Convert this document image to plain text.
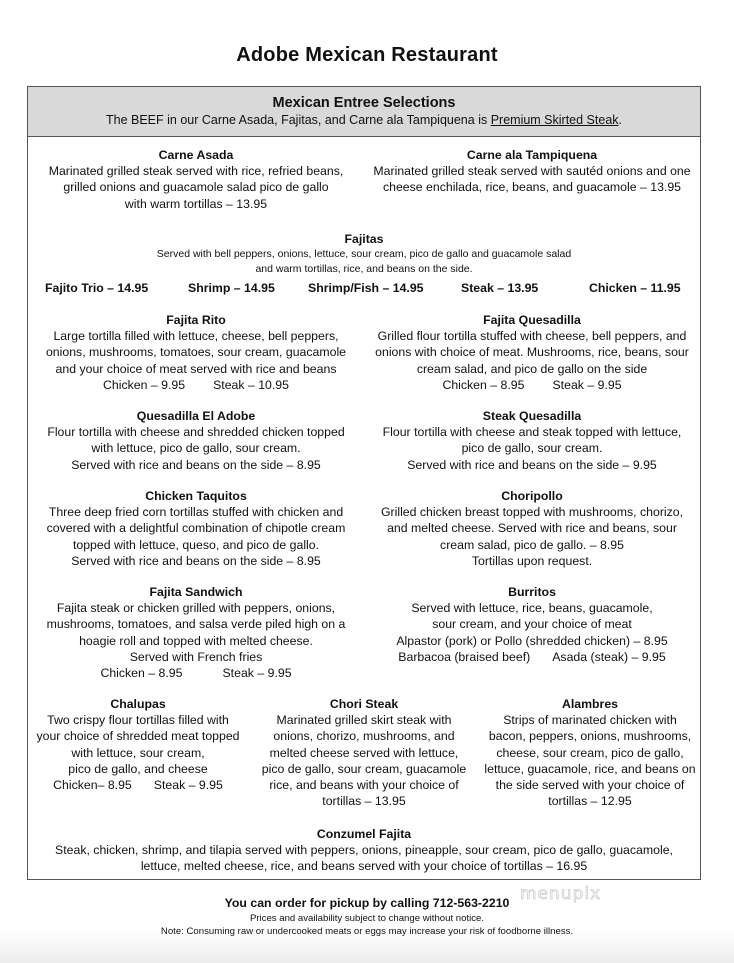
Adobe Mexican Restaurant
Mexican Entree Selections
The BEEF in our Carne Asada, Fajitas, and Carne ala Tampiquena is Premium Skirted Steak.
Carne Asada
Marinated grilled steak served with rice, refried beans,
grilled onions and guacamole salad pico de gallo
with warm tortillas – 13.95
Carne ala Tampiquena
Marinated grilled steak served with sautéd onions and one
cheese enchilada, rice, beans, and guacamole – 13.95
Fajitas
Served with bell peppers, onions, lettuce, sour cream, pico de gallo and guacamole salad
and warm tortillas, rice, and beans on the side.
Fajito Trio – 14.95	Shrimp – 14.95	Shrimp/Fish – 14.95	Steak – 13.95	Chicken – 11.95
Fajita Rito
Large tortilla filled with lettuce, cheese, bell peppers,
onions, mushrooms, tomatoes, sour cream, guacamole
and your choice of meat served with rice and beans
Chicken – 9.95 Steak – 10.95
Fajita Quesadilla
Grilled flour tortilla stuffed with cheese, bell peppers, and
onions with choice of meat. Mushrooms, rice, beans, sour
cream salad, and pico de gallo on the side
Chicken – 8.95 Steak – 9.95
Quesadilla El Adobe
Flour tortilla with cheese and shredded chicken topped
with lettuce, pico de gallo, sour cream.
Served with rice and beans on the side – 8.95
Steak Quesadilla
Flour tortilla with cheese and steak topped with lettuce,
pico de gallo, sour cream.
Served with rice and beans on the side – 9.95
Chicken Taquitos
Three deep fried corn tortillas stuffed with chicken and
covered with a delightful combination of chipotle cream
topped with lettuce, queso, and pico de gallo.
Served with rice and beans on the side – 8.95
Choripollo
Grilled chicken breast topped with mushrooms, chorizo,
and melted cheese. Served with rice and beans, sour
cream salad, pico de gallo. – 8.95
Tortillas upon request.
Fajita Sandwich
Fajita steak or chicken grilled with peppers, onions,
mushrooms, tomatoes, and salsa verde piled high on a
hoagie roll and topped with melted cheese.
Served with French fries
Chicken – 8.95	Steak – 9.95
Burritos
Served with lettuce, rice, beans, guacamole,
sour cream, and your choice of meat
Alpastor (pork) or Pollo (shredded chicken) – 8.95
Barbacoa (braised beef) Asada (steak) – 9.95
Chalupas
Two crispy flour tortillas filled with
your choice of shredded meat topped
with lettuce, sour cream,
pico de gallo, and cheese
Chicken– 8.95 Steak – 9.95
Chori Steak
Marinated grilled skirt steak with
onions, chorizo, mushrooms, and
melted cheese served with lettuce,
pico de gallo, sour cream, guacamole
rice, and beans with your choice of
tortillas – 13.95
Alambres
Strips of marinated chicken with
bacon, peppers, onions, mushrooms,
cheese, sour cream, pico de gallo,
lettuce, guacamole, rice, and beans on
the side served with your choice of
tortillas – 12.95
Conzumel Fajita
Steak, chicken, shrimp, and tilapia served with peppers, onions, pineapple, sour cream, pico de gallo, guacamole,
lettuce, melted cheese, rice, and beans served with your choice of tortillas – 16.95
You can order for pickup by calling 712-563-2210
Prices and availability subject to change without notice.
Note: Consuming raw or undercooked meats or eggs may increase your risk of foodborne illness.
menupix
